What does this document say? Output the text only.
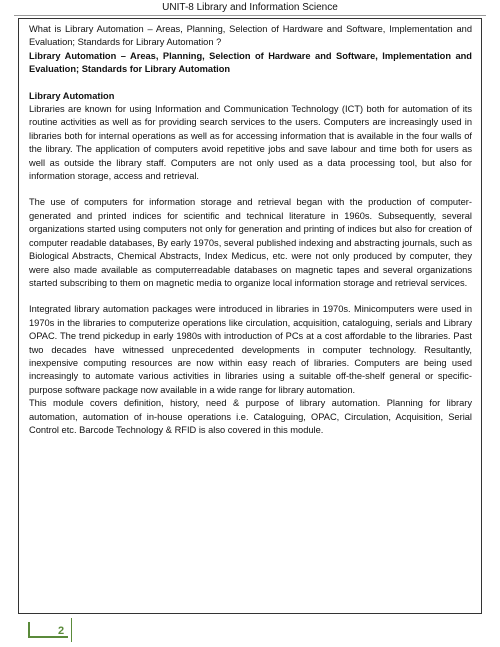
UNIT-8 Library and Information Science

What is Library Automation – Areas, Planning, Selection of Hardware and Software, Implementation and Evaluation; Standards for Library Automation ?

Library Automation – Areas, Planning, Selection of Hardware and Software, Implementation and Evaluation; Standards for Library Automation

Library Automation

Libraries are known for using Information and Communication Technology (ICT) both for automation of its routine activities as well as for providing search services to the users. Computers are increasingly used in libraries both for internal operations as well as for accessing information that is available in the four walls of the library. The application of computers avoid repetitive jobs and save labour and time both for users as well as outside the library staff. Computers are not only used as a data processing tool, but also for information storage, access and retrieval.

The use of computers for information storage and retrieval began with the production of computer-generated and printed indices for scientific and technical literature in 1960s. Subsequently, several organizations started using computers not only for generation and printing of indices but also for creation of computer readable databases, By early 1970s, several published indexing and abstracting journals, such as Biological Abstracts, Chemical Abstracts, Index Medicus, etc. were not only produced by computer, they were also made available as computerreadable databases on magnetic tapes and several organizations started subscribing to them on magnetic media to organize local information storage and retrieval services.

Integrated library automation packages were introduced in libraries in 1970s. Minicomputers were used in 1970s in the libraries to computerize operations like circulation, acquisition, cataloguing, serials and Library OPAC. The trend pickedup in early 1980s with introduction of PCs at a cost affordable to the libraries. Past two decades have witnessed unprecedented developments in computer technology. Resultantly, inexpensive computing resources are now within easy reach of libraries. Computers are being used increasingly to automate various activities in libraries using a suitable off-the-shelf general or specific-purpose software package now available in a wide range for library automation.

This module covers definition, history, need & purpose of library automation. Planning for library automation, automation of in-house operations i.e. Cataloguing, OPAC, Circulation, Acquisition, Serial Control etc. Barcode Technology & RFID is also covered in this module.

2
